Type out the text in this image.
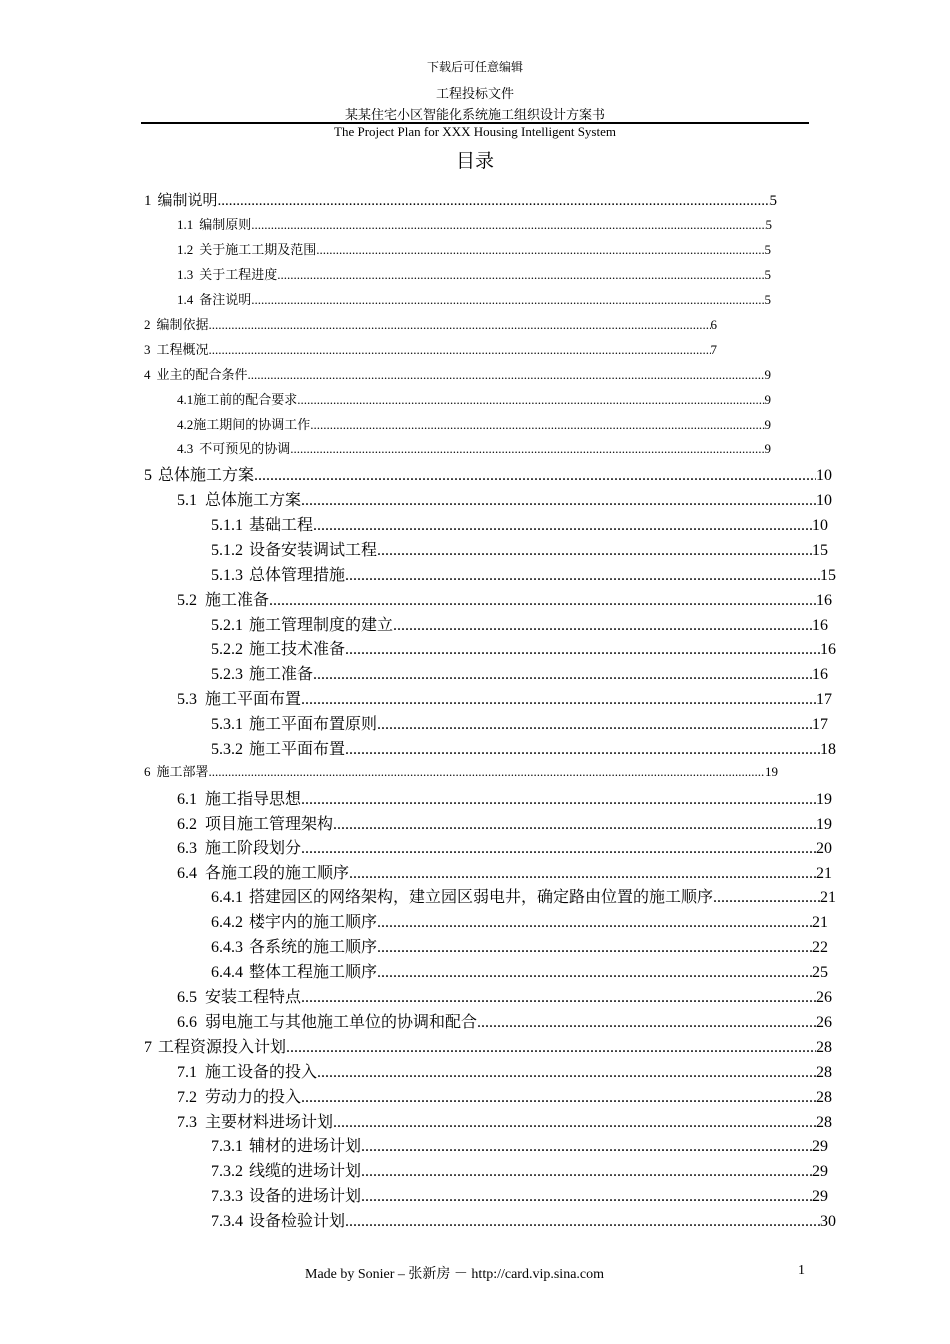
下载后可任意编辑
工程投标文件
某某住宅小区智能化系统施工组织设计方案书
The Project Plan for XXX Housing Intelligent System
目录
1 编制说明 .....	5
1.1 编制原则 .....	5
1.2 关于施工工期及范围 .....	5
1.3 关于工程进度 .....	5
1.4 备注说明 .....	5
2 编制依据 .....	6
3 工程概况 .....	7
4 业主的配合条件 .....	9
4.1施工前的配合要求 .....	9
4.2施工期间的协调工作 .....	9
4.3 不可预见的协调 .....	9
5 总体施工方案 .....	10
5.1 总体施工方案 .....	10
5.1.1 基础工程 .....	10
5.1.2 设备安装调试工程 .....	15
5.1.3 总体管理措施 .....	15
5.2 施工准备 .....	16
5.2.1 施工管理制度的建立 .....	16
5.2.2 施工技术准备 .....	16
5.2.3 施工准备 .....	16
5.3 施工平面布置 .....	17
5.3.1 施工平面布置原则 .....	17
5.3.2 施工平面布置 .....	18
6 施工部署 .....	19
6.1 施工指导思想 .....	19
6.2 项目施工管理架构 .....	19
6.3 施工阶段划分 .....	20
6.4 各施工段的施工顺序 .....	21
6.4.1 搭建园区的网络架构，建立园区弱电井，确定路由位置的施工顺序 .....	21
6.4.2 楼宇内的施工顺序 .....	21
6.4.3 各系统的施工顺序 .....	22
6.4.4 整体工程施工顺序 .....	25
6.5 安装工程特点 .....	26
6.6 弱电施工与其他施工单位的协调和配合 .....	26
7 工程资源投入计划 .....	28
7.1 施工设备的投入 .....	28
7.2 劳动力的投入 .....	28
7.3 主要材料进场计划 .....	28
7.3.1 辅材的进场计划 .....	29
7.3.2 线缆的进场计划 .....	29
7.3.3 设备的进场计划 .....	29
7.3.4 设备检验计划 .....	30
Made by Sonier – 张新房 － http://card.vip.sina.com	1
